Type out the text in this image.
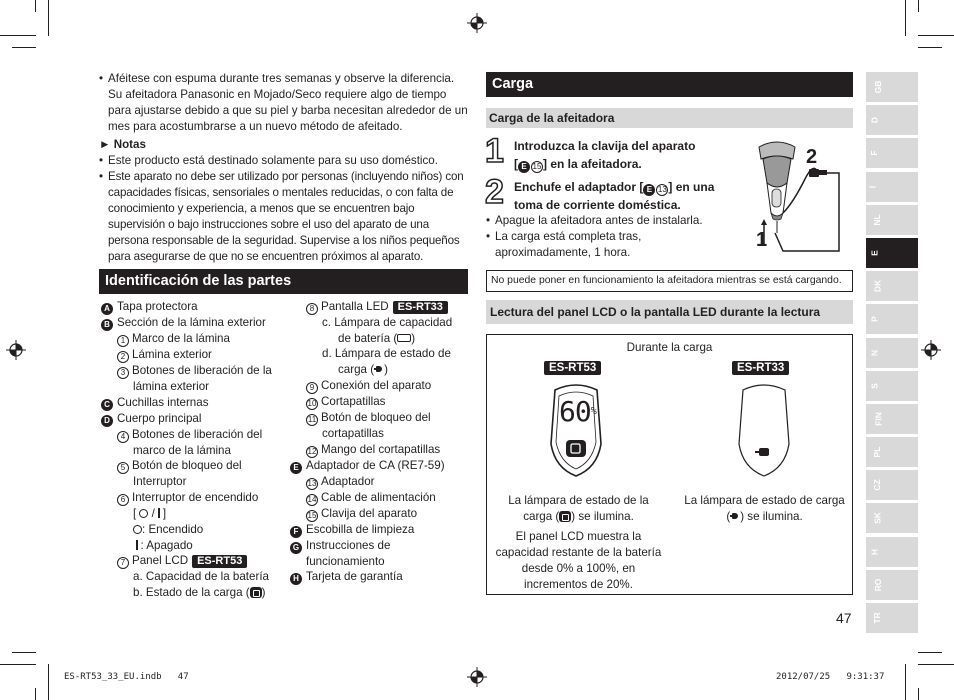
• Aféitese con espuma durante tres semanas y observe la diferencia. Su afeitadora Panasonic en Mojado/Seco requiere algo de tiempo para ajustarse debido a que su piel y barba necesitan alrededor de un mes para acostumbrarse a un nuevo método de afeitado.
► Notas
• Este producto está destinado solamente para su uso doméstico.
• Este aparato no debe ser utilizado por personas (incluyendo niños) con capacidades físicas, sensoriales o mentales reducidas, o con falta de conocimiento y experiencia, a menos que se encuentren bajo supervisión o bajo instrucciones sobre el uso del aparato de una persona responsable de la seguridad. Supervise a los niños pequeños para asegurarse de que no se encuentren próximos al aparato.
Identificación de las partes
A Tapa protectora
B Sección de la lámina exterior
1 Marco de la lámina
2 Lámina exterior
3 Botones de liberación de la
lámina exterior
C Cuchillas internas
D Cuerpo principal
4 Botones de liberación del
marco de la lámina
5 Botón de bloqueo del
Interruptor
6 Interruptor de encendido
[  /  ]
: Encendido
: Apagado
7 Panel LCD ES-RT53
a. Capacidad de la batería
b. Estado de la carga ( )
8 Pantalla LED ES-RT33
c. Lámpara de capacidad
de batería ( )
d. Lámpara de estado de
carga ( )
9 Conexión del aparato
10 Cortapatillas
11 Botón de bloqueo del
cortapatillas
12 Mango del cortapatillas
E Adaptador de CA (RE7-59)
13 Adaptador
14 Cable de alimentación
15 Clavija del aparato
F Escobilla de limpieza
G Instrucciones de
funcionamiento
H Tarjeta de garantía
Carga
Carga de la afeitadora
1 Introduzca la clavija del aparato
[ E 15 ] en la afeitadora.
2 Enchufe el adaptador [ E 13 ] en una
toma de corriente doméstica.
• Apague la afeitadora antes de instalarla.
• La carga está completa tras, aproximadamente, 1 hora.
1
2
No puede poner en funcionamiento la afeitadora mientras se está cargando.
Lectura del panel LCD o la pantalla LED durante la lectura
Durante la carga
ES-RT53	ES-RT33
60%
La lámpara de estado de la
carga ( ) se ilumina.
El panel LCD muestra la capacidad restante de la batería desde 0% a 100%, en incrementos de 20%.
La lámpara de estado de carga
( ) se ilumina.
GB
D
F
I
NL
E
DK
P
N
S
FIN
PL
CZ
SK
H
RO
TR
47
ES-RT53_33_EU.indb   47	2012/07/25   9:31:37
